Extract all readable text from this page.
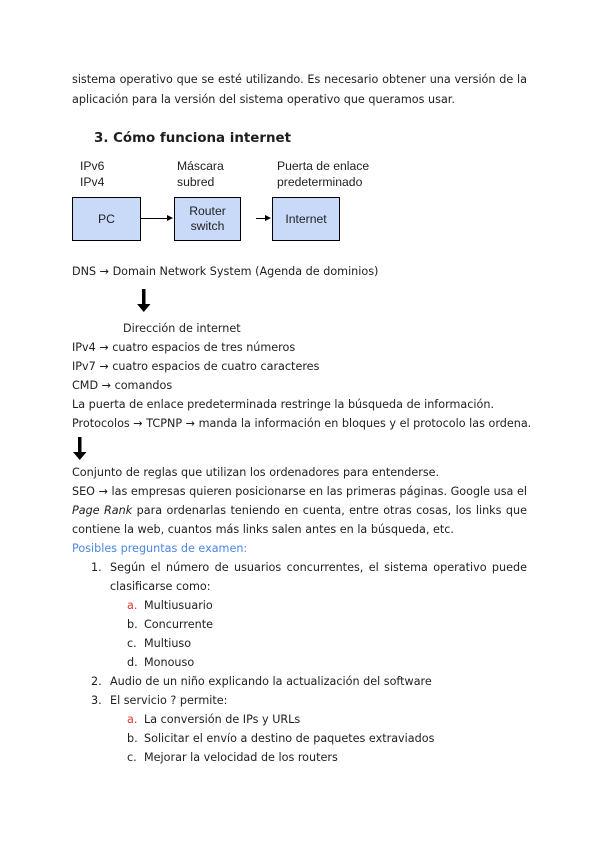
sistema operativo que se esté utilizando. Es necesario obtener una versión de la
aplicación para la versión del sistema operativo que queramos usar.
3. Cómo funciona internet
IPv6
IPv4
Máscara
subred
Puerta de enlace
predeterminado
PC
Router
switch
Internet
DNS → Domain Network System (Agenda de dominios)
Dirección de internet
IPv4 → cuatro espacios de tres números
IPv7 → cuatro espacios de cuatro caracteres
CMD → comandos
La puerta de enlace predeterminada restringe la búsqueda de información.
Protocolos → TCPNP → manda la información en bloques y el protocolo las ordena.
Conjunto de reglas que utilizan los ordenadores para entenderse.
SEO → las empresas quieren posicionarse en las primeras páginas. Google usa el
Page Rank para ordenarlas teniendo en cuenta, entre otras cosas, los links que
contiene la web, cuantos más links salen antes en la búsqueda, etc.
Posibles preguntas de examen:
1. Según el número de usuarios concurrentes, el sistema operativo puede
clasificarse como:
a. Multiusuario
b. Concurrente
c. Multiuso
d. Monouso
2. Audio de un niño explicando la actualización del software
3. El servicio ? permite:
a. La conversión de IPs y URLs
b. Solicitar el envío a destino de paquetes extraviados
c. Mejorar la velocidad de los routers
